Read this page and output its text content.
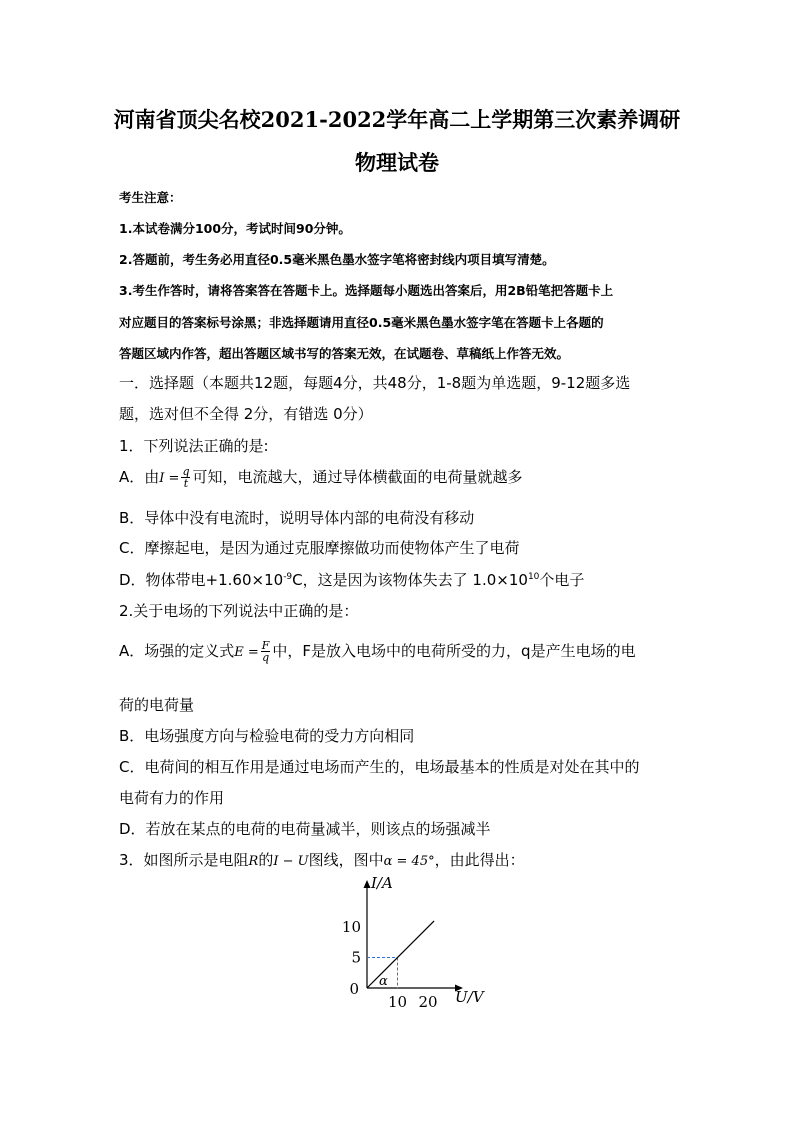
河南省顶尖名校2021-2022学年高二上学期第三次素养调研
物理试卷
考生注意：
1.本试卷满分100分，考试时间90分钟。
2.答题前，考生务必用直径0.5毫米黑色墨水签字笔将密封线内项目填写清楚。
3.考生作答时，请将答案答在答题卡上。选择题每小题选出答案后，用2B铅笔把答题卡上
对应题目的答案标号涂黑；非选择题请用直径0.5毫米黑色墨水签字笔在答题卡上各题的
答题区域内作答，超出答题区域书写的答案无效，在试题卷、草稿纸上作答无效。
一．选择题（本题共12题，每题4分，共48分，1-8题为单选题，9-12题多选
题，选对但不全得 2分，有错选 0分）
1．下列说法正确的是:
A．由$I = \frac{q}{t}$ 可知，电流越大，通过导体横截面的电荷量就越多
B．导体中没有电流时，说明导体内部的电荷没有移动
C．摩擦起电，是因为通过克服摩擦做功而使物体产生了电荷
D．物体带电$+1.60\times 10^{-9}C$，这是因为该物体失去了 $1.0\times 10^{10}$个电子
2.关于电场的下列说法中正确的是：
A．场强的定义式$E = \frac{F}{q}$ 中，F是放入电场中的电荷所受的力，q是产生电场的电
荷的电荷量
B．电场强度方向与检验电荷的受力方向相同
C．电荷间的相互作用是通过电场而产生的，电场最基本的性质是对处在其中的
电荷有力的作用
D．若放在某点的电荷的电荷量减半，则该点的场强减半
3．如图所示是电阻R的I − U图线，图中α = 45°，由此得出：
5
10
0
10 20
I/A
U/V
α
